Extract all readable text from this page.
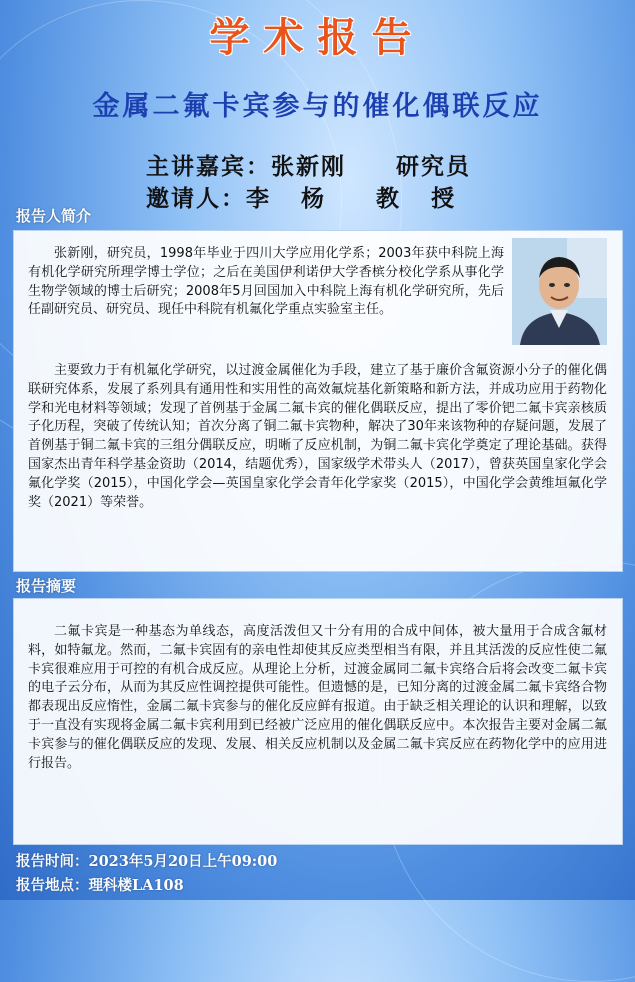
学术报告
金属二氟卡宾参与的催化偶联反应
主讲嘉宾：张新刚     研究员
邀请人：李   杨     教   授
报告人简介

张新刚，研究员，1998年毕业于四川大学应用化学系；2003年获中科院上海有机化学研究所理学博士学位；之后在美国伊利诺伊大学香槟分校化学系从事化学生物学领域的博士后研究；2008年5月回国加入中科院上海有机化学研究所，先后任副研究员、研究员、现任中科院有机氟化学重点实验室主任。

主要致力于有机氟化学研究，以过渡金属催化为手段，建立了基于廉价含氟资源小分子的催化偶联研究体系，发展了系列具有通用性和实用性的高效氟烷基化新策略和新方法，并成功应用于药物化学和光电材料等领域；发现了首例基于金属二氟卡宾的催化偶联反应，提出了零价钯二氟卡宾亲核质子化历程，突破了传统认知；首次分离了铜二氟卡宾物种，解决了30年来该物种的存疑问题，发展了首例基于铜二氟卡宾的三组分偶联反应，明晰了反应机制，为铜二氟卡宾化学奠定了理论基础。获得国家杰出青年科学基金资助（2014，结题优秀），国家级学术带头人（2017），曾获英国皇家化学会氟化学奖（2015），中国化学会—英国皇家化学会青年化学家奖（2015），中国化学会黄维垣氟化学奖（2021）等荣誉。

报告摘要

二氟卡宾是一种基态为单线态，高度活泼但又十分有用的合成中间体，被大量用于合成含氟材料，如特氟龙。然而，二氟卡宾固有的亲电性却使其反应类型相当有限，并且其活泼的反应性使二氟卡宾很难应用于可控的有机合成反应。从理论上分析，过渡金属同二氟卡宾络合后将会改变二氟卡宾的电子云分布，从而为其反应性调控提供可能性。但遗憾的是，已知分离的过渡金属二氟卡宾络合物都表现出反应惰性，金属二氟卡宾参与的催化反应鲜有报道。由于缺乏相关理论的认识和理解，以致于一直没有实现将金属二氟卡宾利用到已经被广泛应用的催化偶联反应中。本次报告主要对金属二氟卡宾参与的催化偶联反应的发现、发展、相关反应机制以及金属二氟卡宾反应在药物化学中的应用进行报告。

报告时间：2023年5月20日上午09:00
报告地点：理科楼LA108
